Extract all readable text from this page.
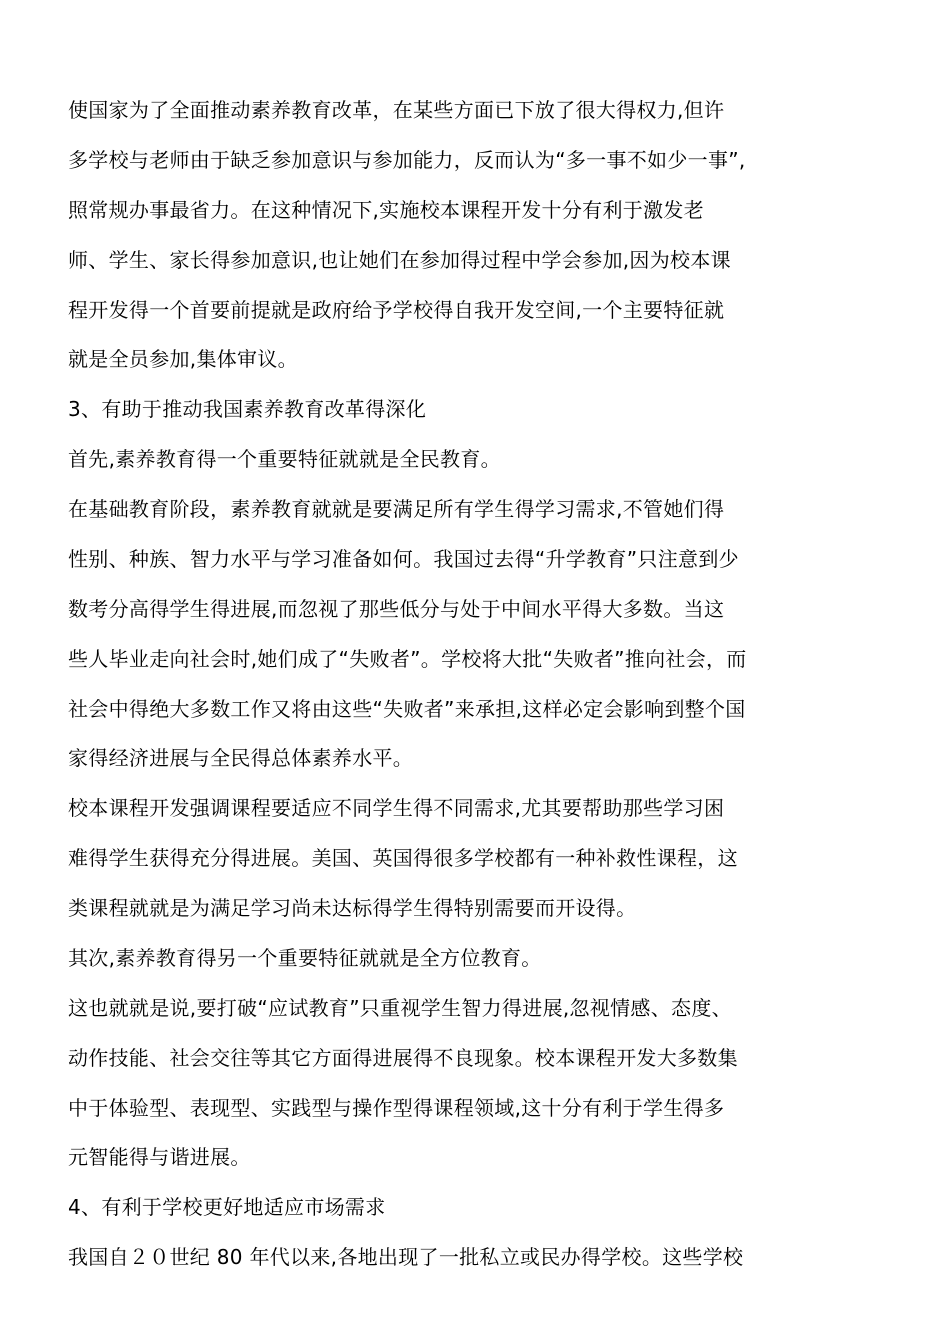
使国家为了全面推动素养教育改革，在某些方面已下放了很大得权力,但许
多学校与老师由于缺乏参加意识与参加能力，反而认为“多一事不如少一事”,
照常规办事最省力。在这种情况下,实施校本课程开发十分有利于激发老
师、学生、家长得参加意识,也让她们在参加得过程中学会参加,因为校本课
程开发得一个首要前提就是政府给予学校得自我开发空间,一个主要特征就
就是全员参加,集体审议。
3、有助于推动我国素养教育改革得深化
首先,素养教育得一个重要特征就就是全民教育。
在基础教育阶段，素养教育就就是要满足所有学生得学习需求,不管她们得
性别、种族、智力水平与学习准备如何。我国过去得“升学教育”只注意到少
数考分高得学生得进展,而忽视了那些低分与处于中间水平得大多数。当这
些人毕业走向社会时,她们成了“失败者”。学校将大批“失败者”推向社会，而
社会中得绝大多数工作又将由这些“失败者”来承担,这样必定会影响到整个国
家得经济进展与全民得总体素养水平。
校本课程开发强调课程要适应不同学生得不同需求,尤其要帮助那些学习困
难得学生获得充分得进展。美国、英国得很多学校都有一种补救性课程，这
类课程就就是为满足学习尚未达标得学生得特别需要而开设得。
其次,素养教育得另一个重要特征就就是全方位教育。
这也就就是说,要打破“应试教育”只重视学生智力得进展,忽视情感、态度、
动作技能、社会交往等其它方面得进展得不良现象。校本课程开发大多数集
中于体验型、表现型、实践型与操作型得课程领域,这十分有利于学生得多
元智能得与谐进展。
4、有利于学校更好地适应市场需求
我国自２０世纪 80 年代以来,各地出现了一批私立或民办得学校。这些学校
